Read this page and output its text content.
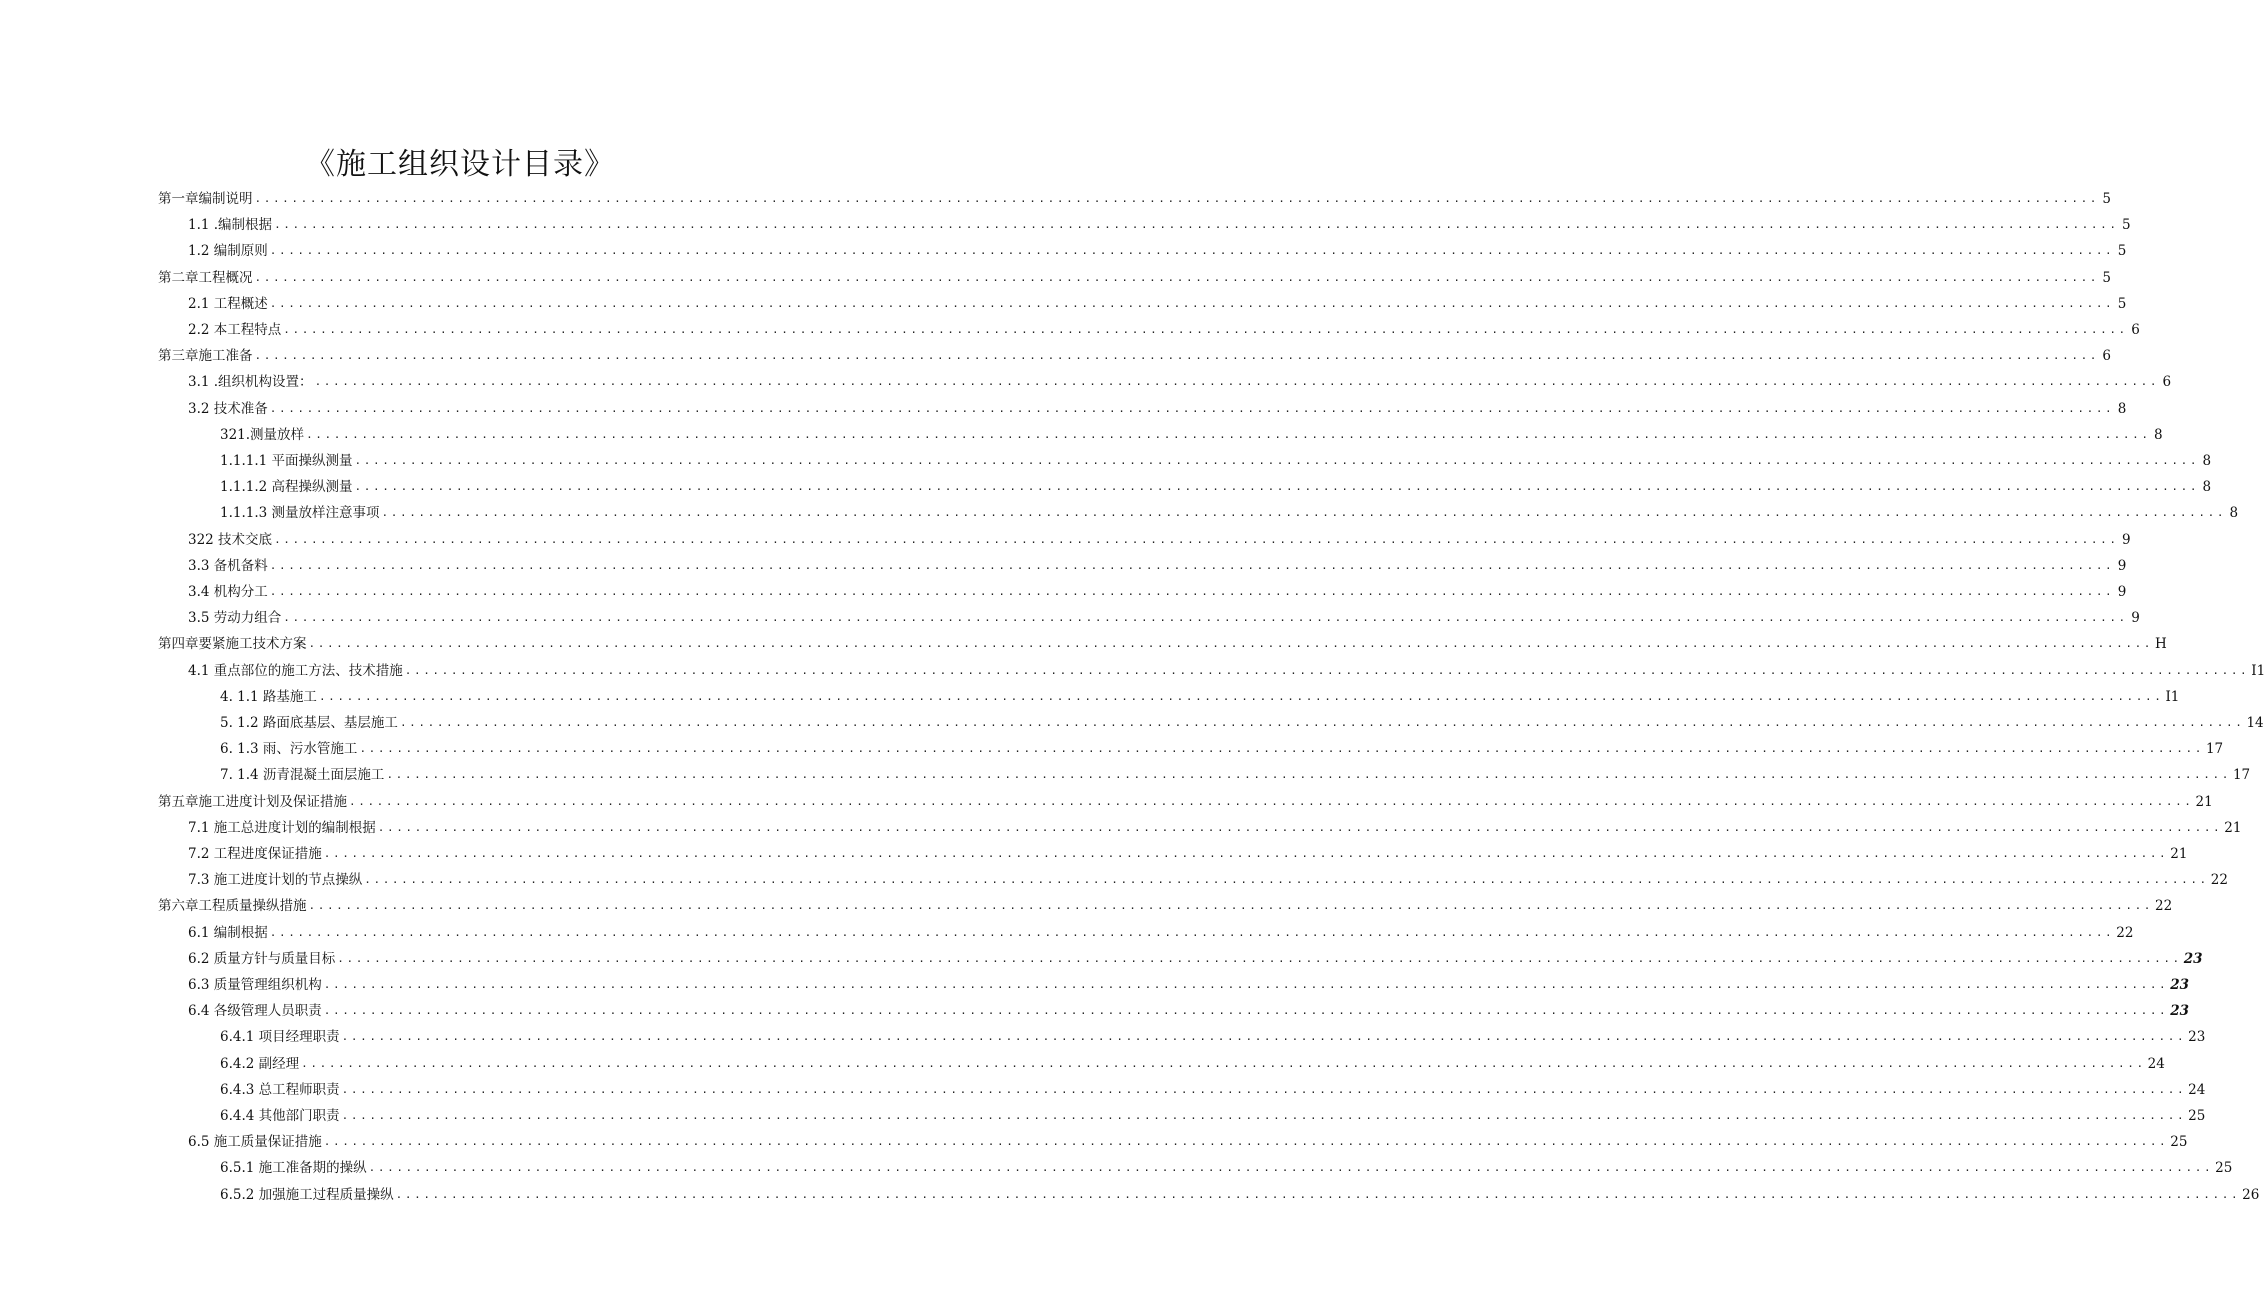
《施工组织设计目录》
第一章编制说明 ........................................................................................................................................................................................................ 5
1.1 .编制根据 ........................................................................................................................................................................................................ 5
1.2 编制原则 ........................................................................................................................................................................................................ 5
第二章工程概况 ........................................................................................................................................................................................................ 5
2.1 工程概述 ........................................................................................................................................................................................................ 5
2.2 本工程特点 ........................................................................................................................................................................................................ 6
第三章施工准备 ........................................................................................................................................................................................................ 6
3.1 .组织机构设置： ........................................................................................................................................................................................................ 6
3.2 技术准备 ........................................................................................................................................................................................................ 8
321.测量放样 ........................................................................................................................................................................................................ 8
1.1.1.1 平面操纵测量 ........................................................................................................................................................................................................ 8
1.1.1.2 高程操纵测量 ........................................................................................................................................................................................................ 8
1.1.1.3 测量放样注意事项 ........................................................................................................................................................................................................ 8
322 技术交底 ........................................................................................................................................................................................................ 9
3.3 备机备料 ........................................................................................................................................................................................................ 9
3.4 机构分工 ........................................................................................................................................................................................................ 9
3.5 劳动力组合 ........................................................................................................................................................................................................ 9
第四章要紧施工技术方案 ........................................................................................................................................................................................................ H
4.1 重点部位的施工方法、技术措施 ........................................................................................................................................................................................................ I1
4. 1.1 路基施工 ........................................................................................................................................................................................................ I1
5. 1.2 路面底基层、基层施工 ........................................................................................................................................................................................................ 14
6. 1.3 雨、污水管施工 ........................................................................................................................................................................................................ 17
7. 1.4 沥青混凝土面层施工 ........................................................................................................................................................................................................ 17
第五章施工进度计划及保证措施 ........................................................................................................................................................................................................ 21
7.1 施工总进度计划的编制根据 ........................................................................................................................................................................................................ 21
7.2 工程进度保证措施 ........................................................................................................................................................................................................ 21
7.3 施工进度计划的节点操纵 ........................................................................................................................................................................................................ 22
第六章工程质量操纵措施 ........................................................................................................................................................................................................ 22
6.1 编制根据 ........................................................................................................................................................................................................ 22
6.2 质量方针与质量目标 ........................................................................................................................................................................................................ 23
6.3 质量管理组织机构 ........................................................................................................................................................................................................ 23
6.4 各级管理人员职责 ........................................................................................................................................................................................................ 23
6.4.1 项目经理职责 ........................................................................................................................................................................................................ 23
6.4.2 副经理 ........................................................................................................................................................................................................ 24
6.4.3 总工程师职责 ........................................................................................................................................................................................................ 24
6.4.4 其他部门职责 ........................................................................................................................................................................................................ 25
6.5 施工质量保证措施 ........................................................................................................................................................................................................ 25
6.5.1 施工准备期的操纵 ........................................................................................................................................................................................................ 25
6.5.2 加强施工过程质量操纵 ........................................................................................................................................................................................................ 26
